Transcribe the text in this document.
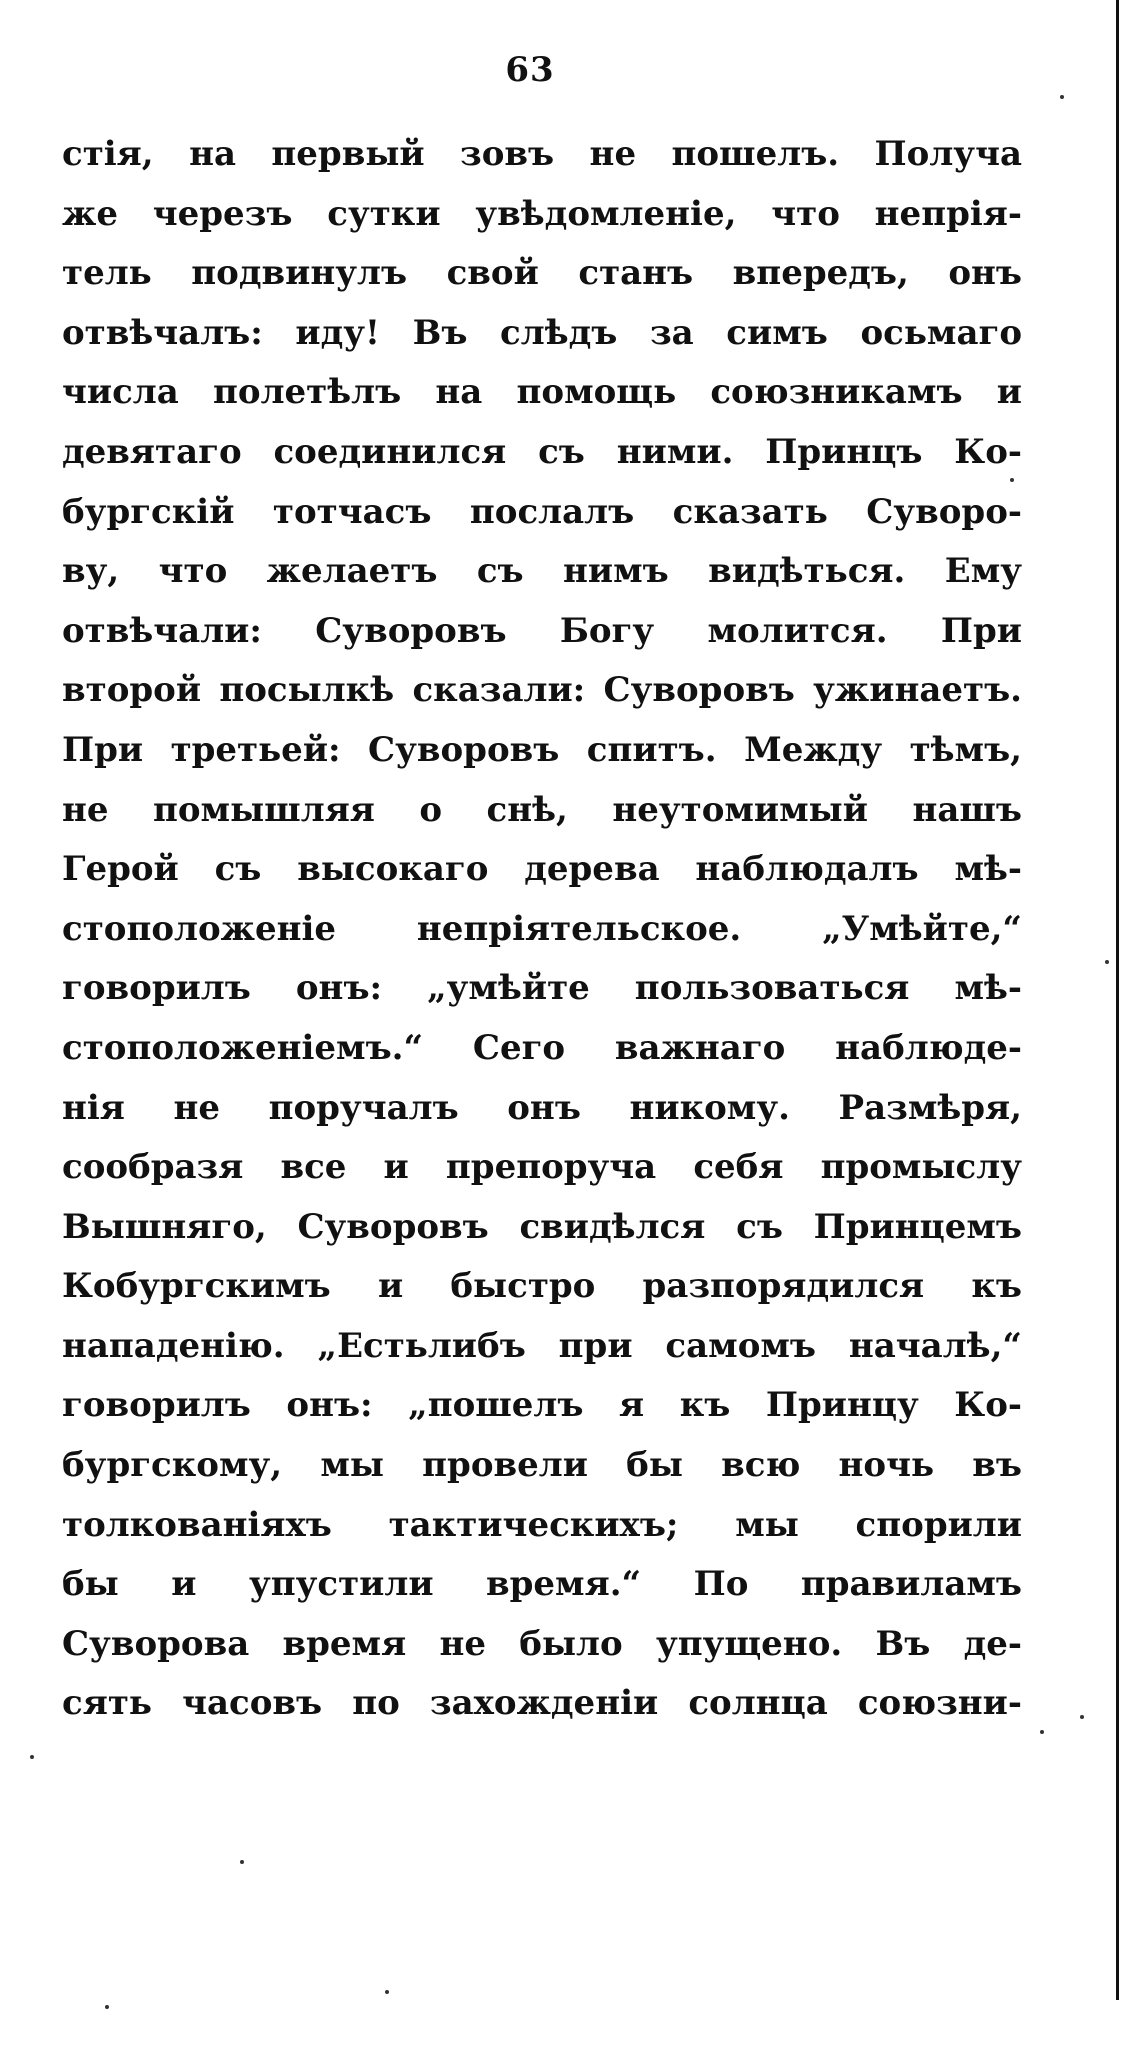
63
стія, на первый зовъ не пошелъ. Получа
же черезъ сутки увѣдомленіе, что непрія-
тель подвинулъ свой станъ впередъ, онъ
отвѣчалъ: иду! Въ слѣдъ за симъ осьмаго
числа полетѣлъ на помощь союзникамъ и
девятаго соединился съ ними. Принцъ Ко-
бургскій тотчасъ послалъ сказать Суворо-
ву, что желаетъ съ нимъ видѣться. Ему
отвѣчали: Суворовъ Богу молится. При
второй посылкѣ сказали: Суворовъ ужинаетъ.
При третьей: Суворовъ спитъ. Между тѣмъ,
не помышляя о снѣ, неутомимый нашъ
Герой съ высокаго дерева наблюдалъ мѣ-
стоположеніе непріятельское. „Умѣйте,“
говорилъ онъ: „умѣйте пользоваться мѣ-
стоположеніемъ.“ Сего важнаго наблюде-
нія не поручалъ онъ никому. Размѣря,
сообразя все и препоруча себя промыслу
Вышняго, Суворовъ свидѣлся съ Принцемъ
Кобургскимъ и быстро разпорядился къ
нападенію. „Естьлибъ при самомъ началѣ,“
говорилъ онъ: „пошелъ я къ Принцу Ко-
бургскому, мы провели бы всю ночь въ
толкованіяхъ тактическихъ; мы спорили
бы и упустили время.“ По правиламъ
Суворова время не было упущено. Въ де-
сять часовъ по захожденіи солнца союзни-
